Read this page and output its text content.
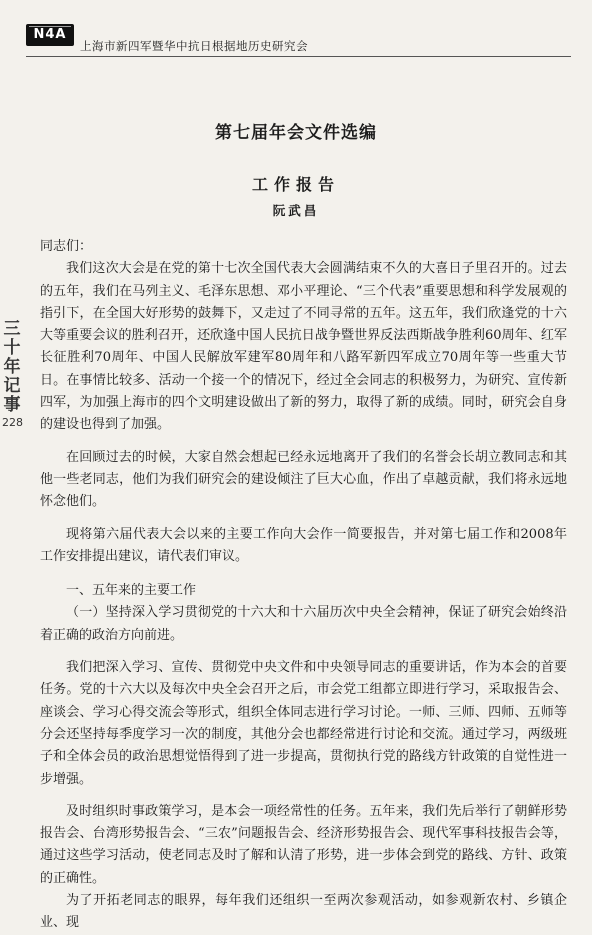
N4A
上海市新四军暨华中抗日根据地历史研究会
三十年记事
228
第七届年会文件选编
工作报告
阮武昌

同志们：

我们这次大会是在党的第十七次全国代表大会圆满结束不久的大喜日子里召开的。过去的五年，我们在马列主义、毛泽东思想、邓小平理论、“三个代表”重要思想和科学发展观的指引下，在全国大好形势的鼓舞下，又走过了不同寻常的五年。这五年，我们欣逢党的十六大等重要会议的胜利召开，还欣逢中国人民抗日战争暨世界反法西斯战争胜利60周年、红军长征胜利70周年、中国人民解放军建军80周年和八路军新四军成立70周年等一些重大节日。在事情比较多、活动一个接一个的情况下，经过全会同志的积极努力，为研究、宣传新四军，为加强上海市的四个文明建设做出了新的努力，取得了新的成绩。同时，研究会自身的建设也得到了加强。

在回顾过去的时候，大家自然会想起已经永远地离开了我们的名誉会长胡立教同志和其他一些老同志，他们为我们研究会的建设倾注了巨大心血，作出了卓越贡献，我们将永远地怀念他们。

现将第六届代表大会以来的主要工作向大会作一简要报告，并对第七届工作和2008年工作安排提出建议，请代表们审议。

一、五年来的主要工作

（一）坚持深入学习贯彻党的十六大和十六届历次中央全会精神，保证了研究会始终沿着正确的政治方向前进。

我们把深入学习、宣传、贯彻党中央文件和中央领导同志的重要讲话，作为本会的首要任务。党的十六大以及每次中央全会召开之后，市会党工组都立即进行学习，采取报告会、座谈会、学习心得交流会等形式，组织全体同志进行学习讨论。一师、三师、四师、五师等分会还坚持每季度学习一次的制度，其他分会也都经常进行讨论和交流。通过学习，两级班子和全体会员的政治思想觉悟得到了进一步提高，贯彻执行党的路线方针政策的自觉性进一步增强。

及时组织时事政策学习，是本会一项经常性的任务。五年来，我们先后举行了朝鲜形势报告会、台湾形势报告会、“三农”问题报告会、经济形势报告会、现代军事科技报告会等，通过这些学习活动，使老同志及时了解和认清了形势，进一步体会到党的路线、方针、政策的正确性。

为了开拓老同志的眼界，每年我们还组织一至两次参观活动，如参观新农村、乡镇企业、现
